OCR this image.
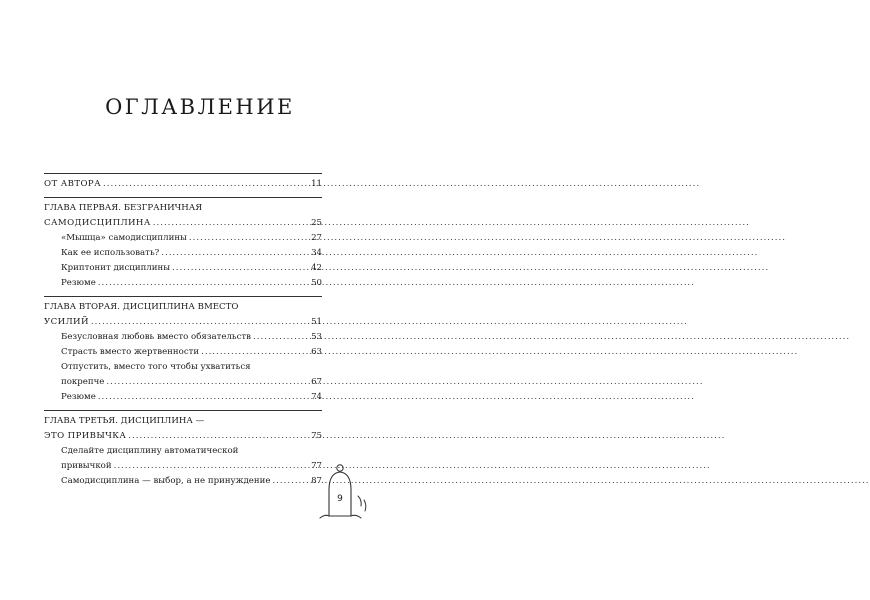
ОГЛАВЛЕНИЕ
ОТ АВТОРА .....	11
ГЛАВА ПЕРВАЯ. БЕЗГРАНИЧНАЯ
САМОДИСЦИПЛИНА .....	25
«Мышца» самодисциплины .....	27
Как ее использовать? .....	34
Криптонит дисциплины .....	42
Резюме .....	50
ГЛАВА ВТОРАЯ. ДИСЦИПЛИНА ВМЕСТО
УСИЛИЙ .....	51
Безусловная любовь вместо обязательств .....	53
Страсть вместо жертвенности .....	63
Отпустить, вместо того чтобы ухватиться
покрепче .....	67
Резюме .....	74
ГЛАВА ТРЕТЬЯ. ДИСЦИПЛИНА —
ЭТО ПРИВЫЧКА .....	75
Сделайте дисциплину автоматической
привычкой .....	77
Самодисциплина — выбор, а не принуждение .....	87
9
